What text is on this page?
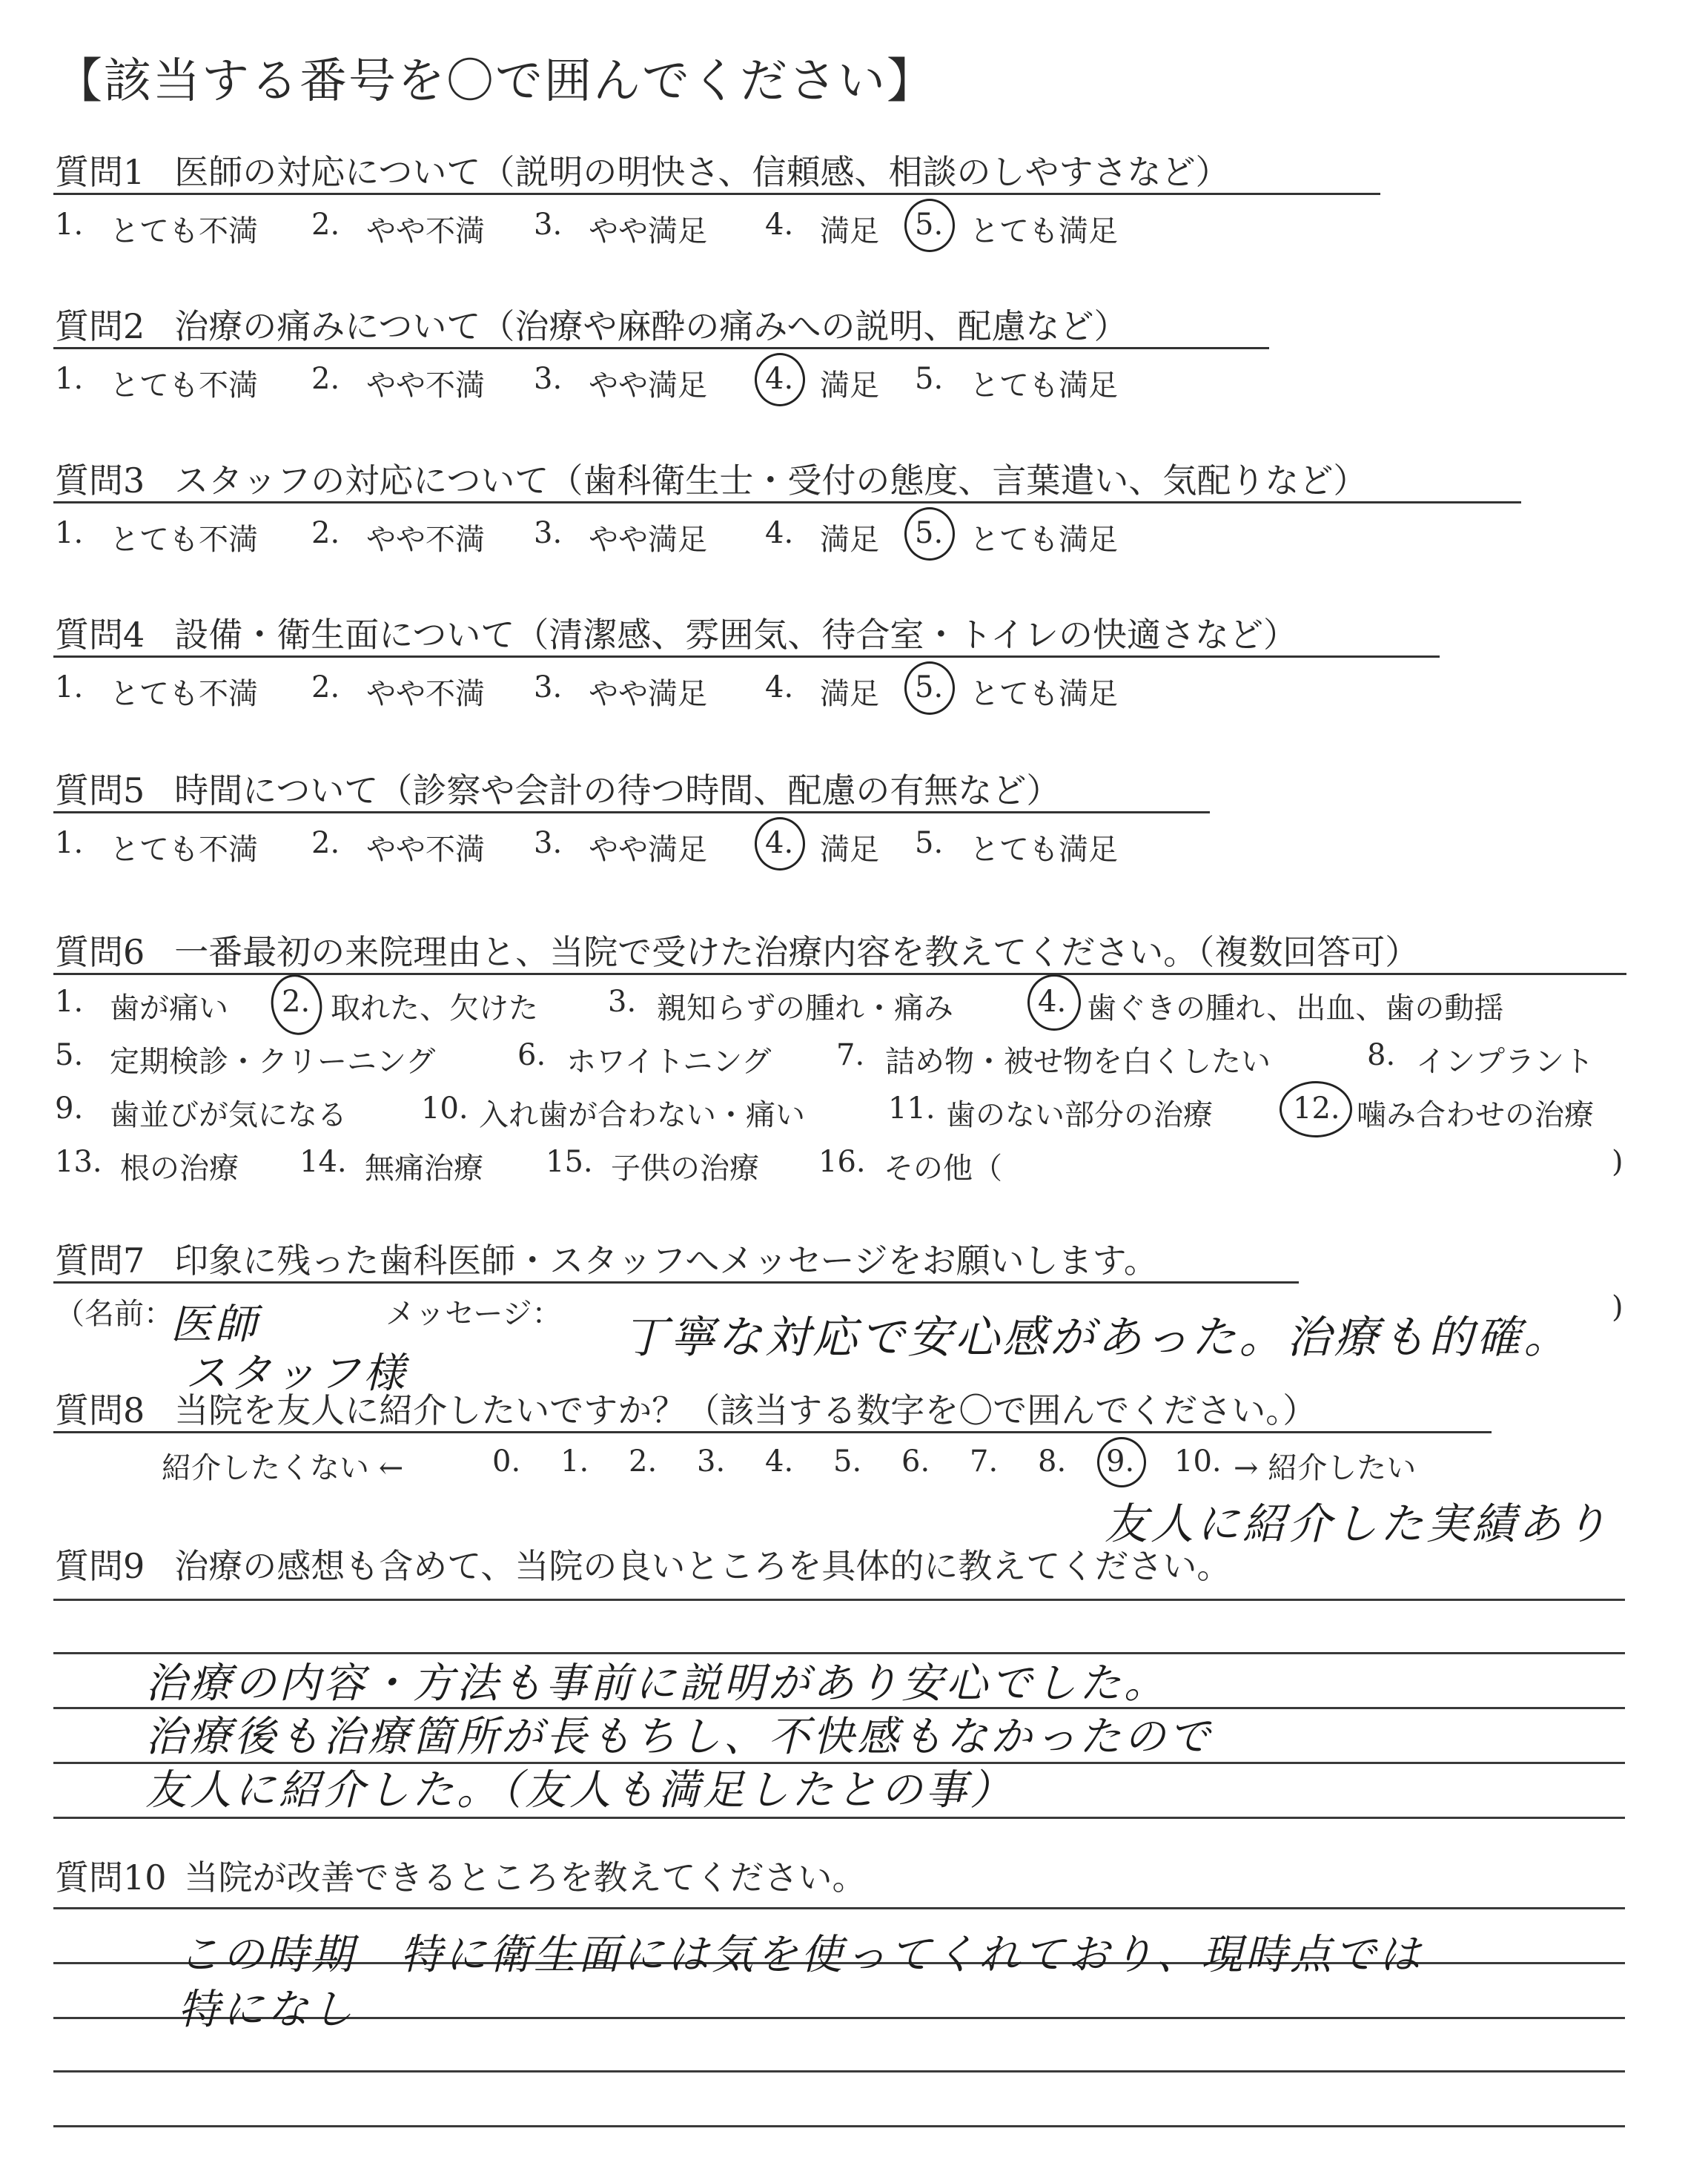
【該当する番号を〇で囲んでください】
質問1 医師の対応について（説明の明快さ、信頼感、相談のしやすさなど）
1. とても不満 2. やや不満 3. やや満足 4. 満足 5. とても満足
質問2 治療の痛みについて（治療や麻酔の痛みへの説明、配慮など）
1. とても不満 2. やや不満 3. やや満足 4. 満足 5. とても満足
質問3 スタッフの対応について（歯科衛生士・受付の態度、言葉遣い、気配りなど）
1. とても不満 2. やや不満 3. やや満足 4. 満足 5. とても満足
質問4 設備・衛生面について（清潔感、雰囲気、待合室・トイレの快適さなど）
1. とても不満 2. やや不満 3. やや満足 4. 満足 5. とても満足
質問5 時間について（診察や会計の待つ時間、配慮の有無など）
1. とても不満 2. やや不満 3. やや満足 4. 満足 5. とても満足
質問6 一番最初の来院理由と、当院で受けた治療内容を教えてください。（複数回答可）
1. 歯が痛い 2. 取れた、欠けた 3. 親知らずの腫れ・痛み	4. 歯ぐきの腫れ、出血、歯の動揺
5. 定期検診・クリーニング	6. ホワイトニング 7. 詰め物・被せ物を白くしたい	8. インプラント
9. 歯並びが気になる	10. 入れ歯が合わない・痛い	11. 歯のない部分の治療	12. 噛み合わせの治療
13. 根の治療 14. 無痛治療 15. 子供の治療 16. その他（	)
質問7 印象に残った歯科医師・スタッフへメッセージをお願いします。
（名前：	メッセージ：	)
医師
スタッフ様
丁寧な対応で安心感があった。治療も的確。
質問8 当院を友人に紹介したいですか？（該当する数字を〇で囲んでください。）
紹介したくない ←	0. 1. 2. 3. 4. 5. 6. 7. 8. 9. 10. → 紹介したい
友人に紹介した実績あり
質問9 治療の感想も含めて、当院の良いところを具体的に教えてください。
治療の内容・方法も事前に説明があり安心でした。
治療後も治療箇所が長もちし、不快感もなかったので
友人に紹介した。（友人も満足したとの事）
質問10 当院が改善できるところを教えてください。
この時期　特に衛生面には気を使ってくれており、現時点では
特になし
